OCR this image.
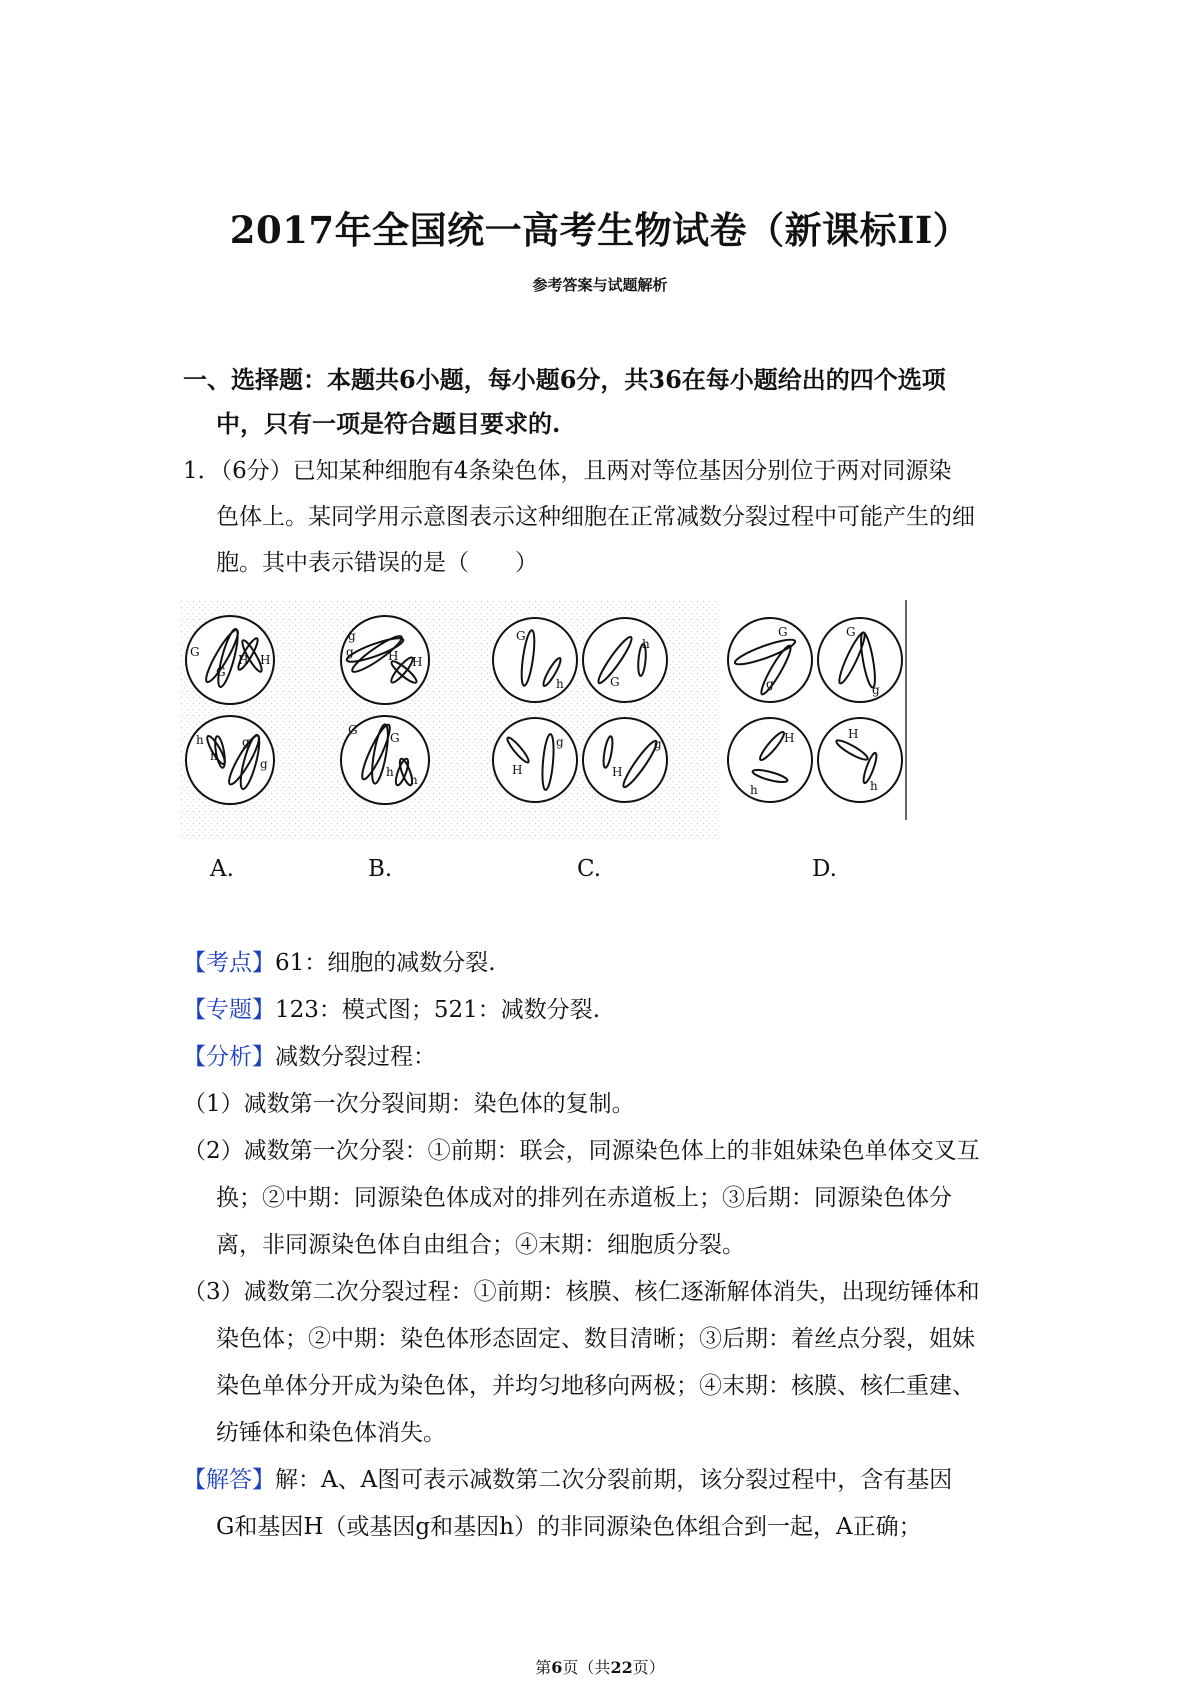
2017年全国统一高考生物试卷（新课标II）
参考答案与试题解析
一、选择题：本题共6小题，每小题6分，共36在每小题给出的四个选项
中，只有一项是符合题目要求的.
1．（6分）已知某种细胞有4条染色体，且两对等位基因分别位于两对同源染
色体上。某同学用示意图表示这种细胞在正常减数分裂过程中可能产生的细
胞。其中表示错误的是（　　）
G
G
H H
h
h
g
g
g
g	H H
G
G
h
h
G
h	G
h
H
g
H
g
G
g
G
g
H
h
H
h
A.	B.	C.	D.
【考点】61：细胞的减数分裂.
【专题】123：模式图；521：减数分裂.
【分析】减数分裂过程：
（1）减数第一次分裂间期：染色体的复制。
（2）减数第一次分裂：①前期：联会，同源染色体上的非姐妹染色单体交叉互
换；②中期：同源染色体成对的排列在赤道板上；③后期：同源染色体分
离，非同源染色体自由组合；④末期：细胞质分裂。
（3）减数第二次分裂过程：①前期：核膜、核仁逐渐解体消失，出现纺锤体和
染色体；②中期：染色体形态固定、数目清晰；③后期：着丝点分裂，姐妹
染色单体分开成为染色体，并均匀地移向两极；④末期：核膜、核仁重建、
纺锤体和染色体消失。
【解答】解：A、A图可表示减数第二次分裂前期，该分裂过程中，含有基因
G和基因H（或基因g和基因h）的非同源染色体组合到一起，A正确；
第6页（共22页）
